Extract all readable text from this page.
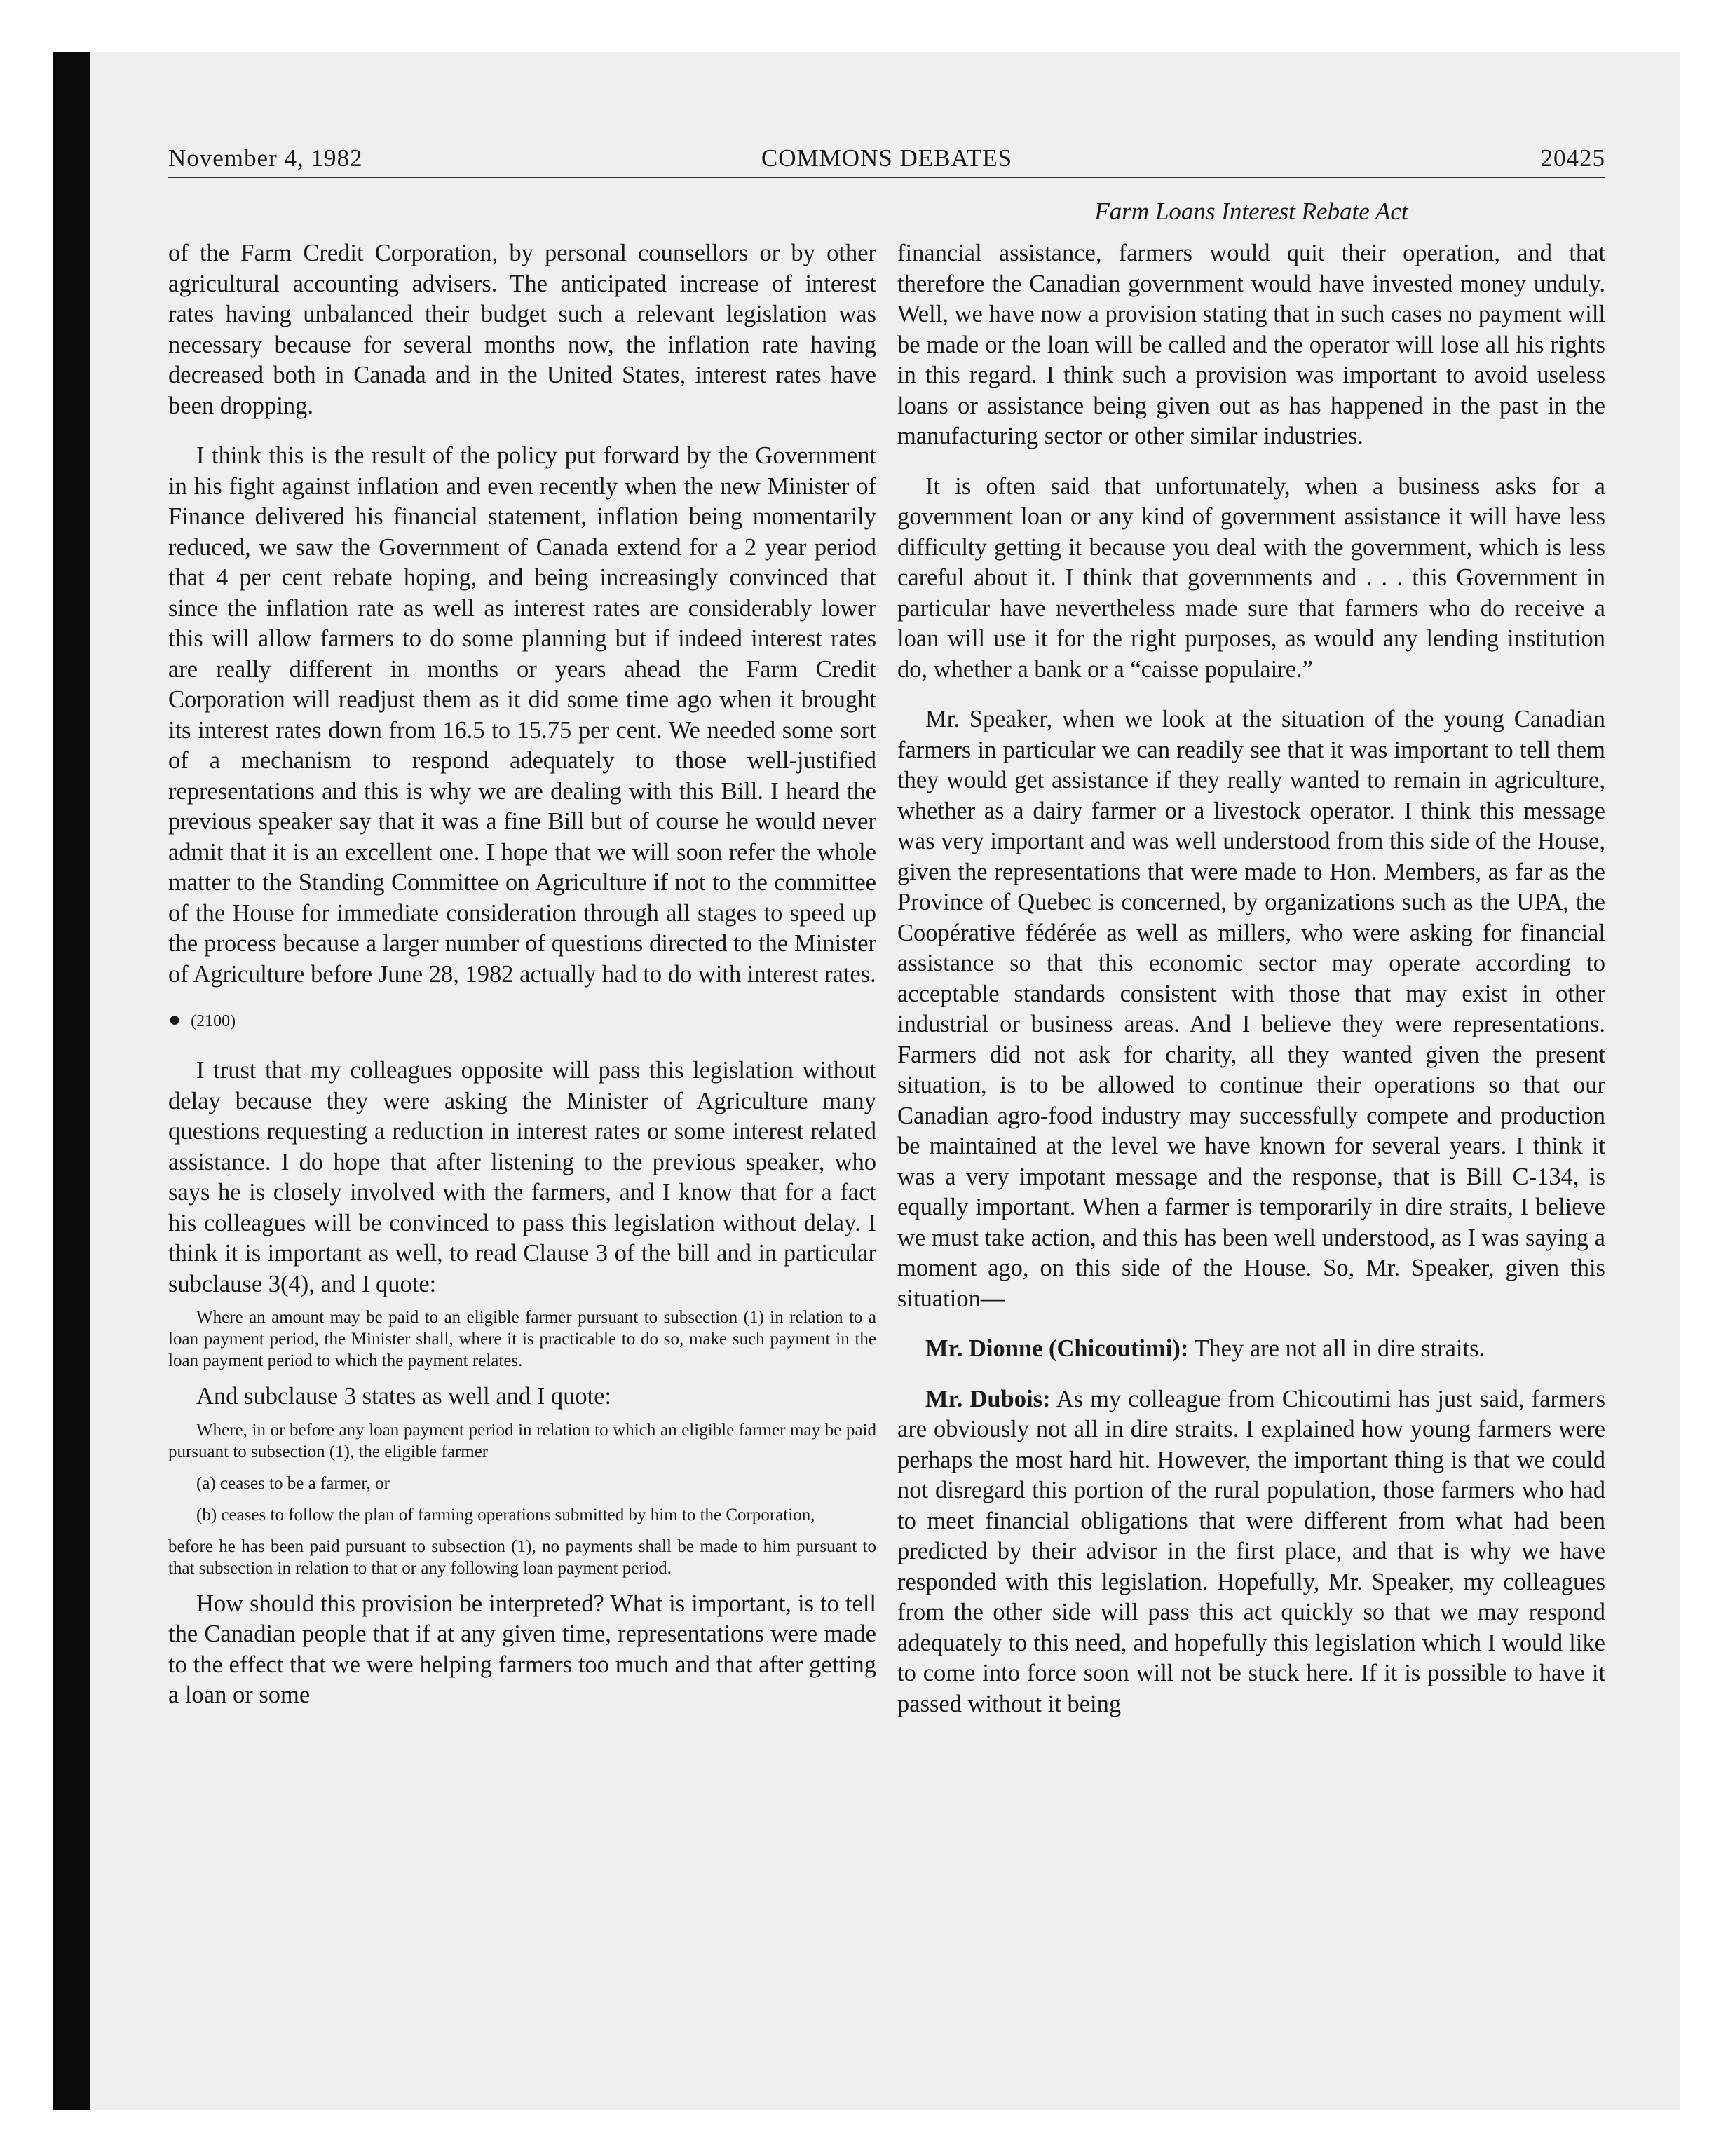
November 4, 1982	COMMONS DEBATES	20425
Farm Loans Interest Rebate Act

of the Farm Credit Corporation, by personal counsellors or by other agricultural accounting advisers. The anticipated increase of interest rates having unbalanced their budget such a relevant legislation was necessary because for several months now, the inflation rate having decreased both in Canada and in the United States, interest rates have been dropping.

I think this is the result of the policy put forward by the Government in his fight against inflation and even recently when the new Minister of Finance delivered his financial statement, inflation being momentarily reduced, we saw the Government of Canada extend for a 2 year period that 4 per cent rebate hoping, and being increasingly convinced that since the inflation rate as well as interest rates are considerably lower this will allow farmers to do some planning but if indeed interest rates are really different in months or years ahead the Farm Credit Corporation will readjust them as it did some time ago when it brought its interest rates down from 16.5 to 15.75 per cent. We needed some sort of a mechanism to respond adequately to those well-justified representations and this is why we are dealing with this Bill. I heard the previous speaker say that it was a fine Bill but of course he would never admit that it is an excellent one. I hope that we will soon refer the whole matter to the Standing Committee on Agriculture if not to the committee of the House for immediate consideration through all stages to speed up the process because a larger number of questions directed to the Minister of Agriculture before June 28, 1982 actually had to do with interest rates.

● (2100)

I trust that my colleagues opposite will pass this legislation without delay because they were asking the Minister of Agriculture many questions requesting a reduction in interest rates or some interest related assistance. I do hope that after listening to the previous speaker, who says he is closely involved with the farmers, and I know that for a fact his colleagues will be convinced to pass this legislation without delay. I think it is important as well, to read Clause 3 of the bill and in particular subclause 3(4), and I quote:

Where an amount may be paid to an eligible farmer pursuant to subsection (1) in relation to a loan payment period, the Minister shall, where it is practicable to do so, make such payment in the loan payment period to which the payment relates.

And subclause 3 states as well and I quote:

Where, in or before any loan payment period in relation to which an eligible farmer may be paid pursuant to subsection (1), the eligible farmer
(a) ceases to be a farmer, or
(b) ceases to follow the plan of farming operations submitted by him to the Corporation,
before he has been paid pursuant to subsection (1), no payments shall be made to him pursuant to that subsection in relation to that or any following loan payment period.

How should this provision be interpreted? What is important, is to tell the Canadian people that if at any given time, representations were made to the effect that we were helping farmers too much and that after getting a loan or some

financial assistance, farmers would quit their operation, and that therefore the Canadian government would have invested money unduly. Well, we have now a provision stating that in such cases no payment will be made or the loan will be called and the operator will lose all his rights in this regard. I think such a provision was important to avoid useless loans or assistance being given out as has happened in the past in the manufacturing sector or other similar industries.

It is often said that unfortunately, when a business asks for a government loan or any kind of government assistance it will have less difficulty getting it because you deal with the government, which is less careful about it. I think that governments and . . . this Government in particular have nevertheless made sure that farmers who do receive a loan will use it for the right purposes, as would any lending institution do, whether a bank or a “caisse populaire.”

Mr. Speaker, when we look at the situation of the young Canadian farmers in particular we can readily see that it was important to tell them they would get assistance if they really wanted to remain in agriculture, whether as a dairy farmer or a livestock operator. I think this message was very important and was well understood from this side of the House, given the representations that were made to Hon. Members, as far as the Province of Quebec is concerned, by organizations such as the UPA, the Coopérative fédérée as well as millers, who were asking for financial assistance so that this economic sector may operate according to acceptable standards consistent with those that may exist in other industrial or business areas. And I believe they were representations. Farmers did not ask for charity, all they wanted given the present situation, is to be allowed to continue their operations so that our Canadian agro-food industry may successfully compete and production be maintained at the level we have known for several years. I think it was a very impotant message and the response, that is Bill C-134, is equally important. When a farmer is temporarily in dire straits, I believe we must take action, and this has been well understood, as I was saying a moment ago, on this side of the House. So, Mr. Speaker, given this situation—

Mr. Dionne (Chicoutimi): They are not all in dire straits.

Mr. Dubois: As my colleague from Chicoutimi has just said, farmers are obviously not all in dire straits. I explained how young farmers were perhaps the most hard hit. However, the important thing is that we could not disregard this portion of the rural population, those farmers who had to meet financial obligations that were different from what had been predicted by their advisor in the first place, and that is why we have responded with this legislation. Hopefully, Mr. Speaker, my colleagues from the other side will pass this act quickly so that we may respond adequately to this need, and hopefully this legislation which I would like to come into force soon will not be stuck here. If it is possible to have it passed without it being
